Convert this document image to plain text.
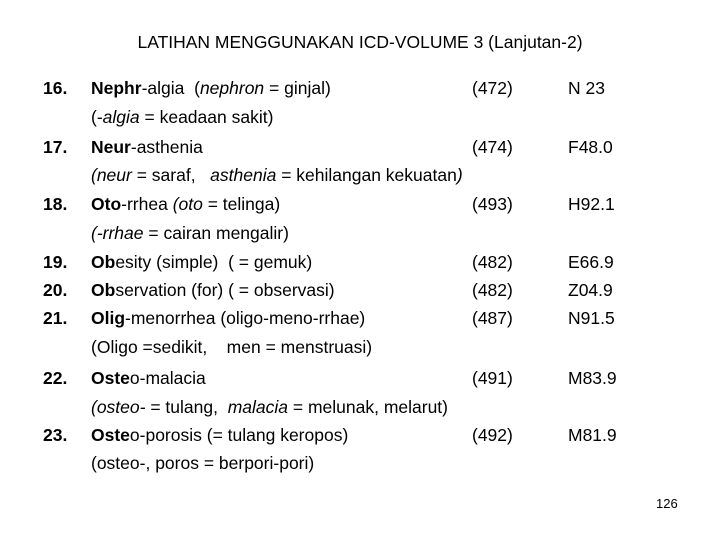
LATIHAN MENGGUNAKAN ICD-VOLUME 3 (Lanjutan-2)
16. Nephr-algia (nephron = ginjal)	(472)	N 23
(-algia = keadaan sakit)
17. Neur-asthenia	(474)	F48.0
(neur = saraf,   asthenia = kehilangan kekuatan)
18. Oto-rrhea (oto = telinga)	(493)	H92.1
(-rrhae = cairan mengalir)
19. Obesity (simple)  ( = gemuk)	(482)	E66.9
20. Observation (for) ( = observasi)	(482)	Z04.9
21. Olig-menorrhea (oligo-meno-rrhae)	(487)	N91.5
(Oligo =sedikit,    men = menstruasi)
22. Osteo-malacia	(491)	M83.9
(osteo- = tulang,  malacia = melunak, melarut)
23. Osteo-porosis (= tulang keropos)	(492)	M81.9
(osteo-, poros = berpori-pori)
126
